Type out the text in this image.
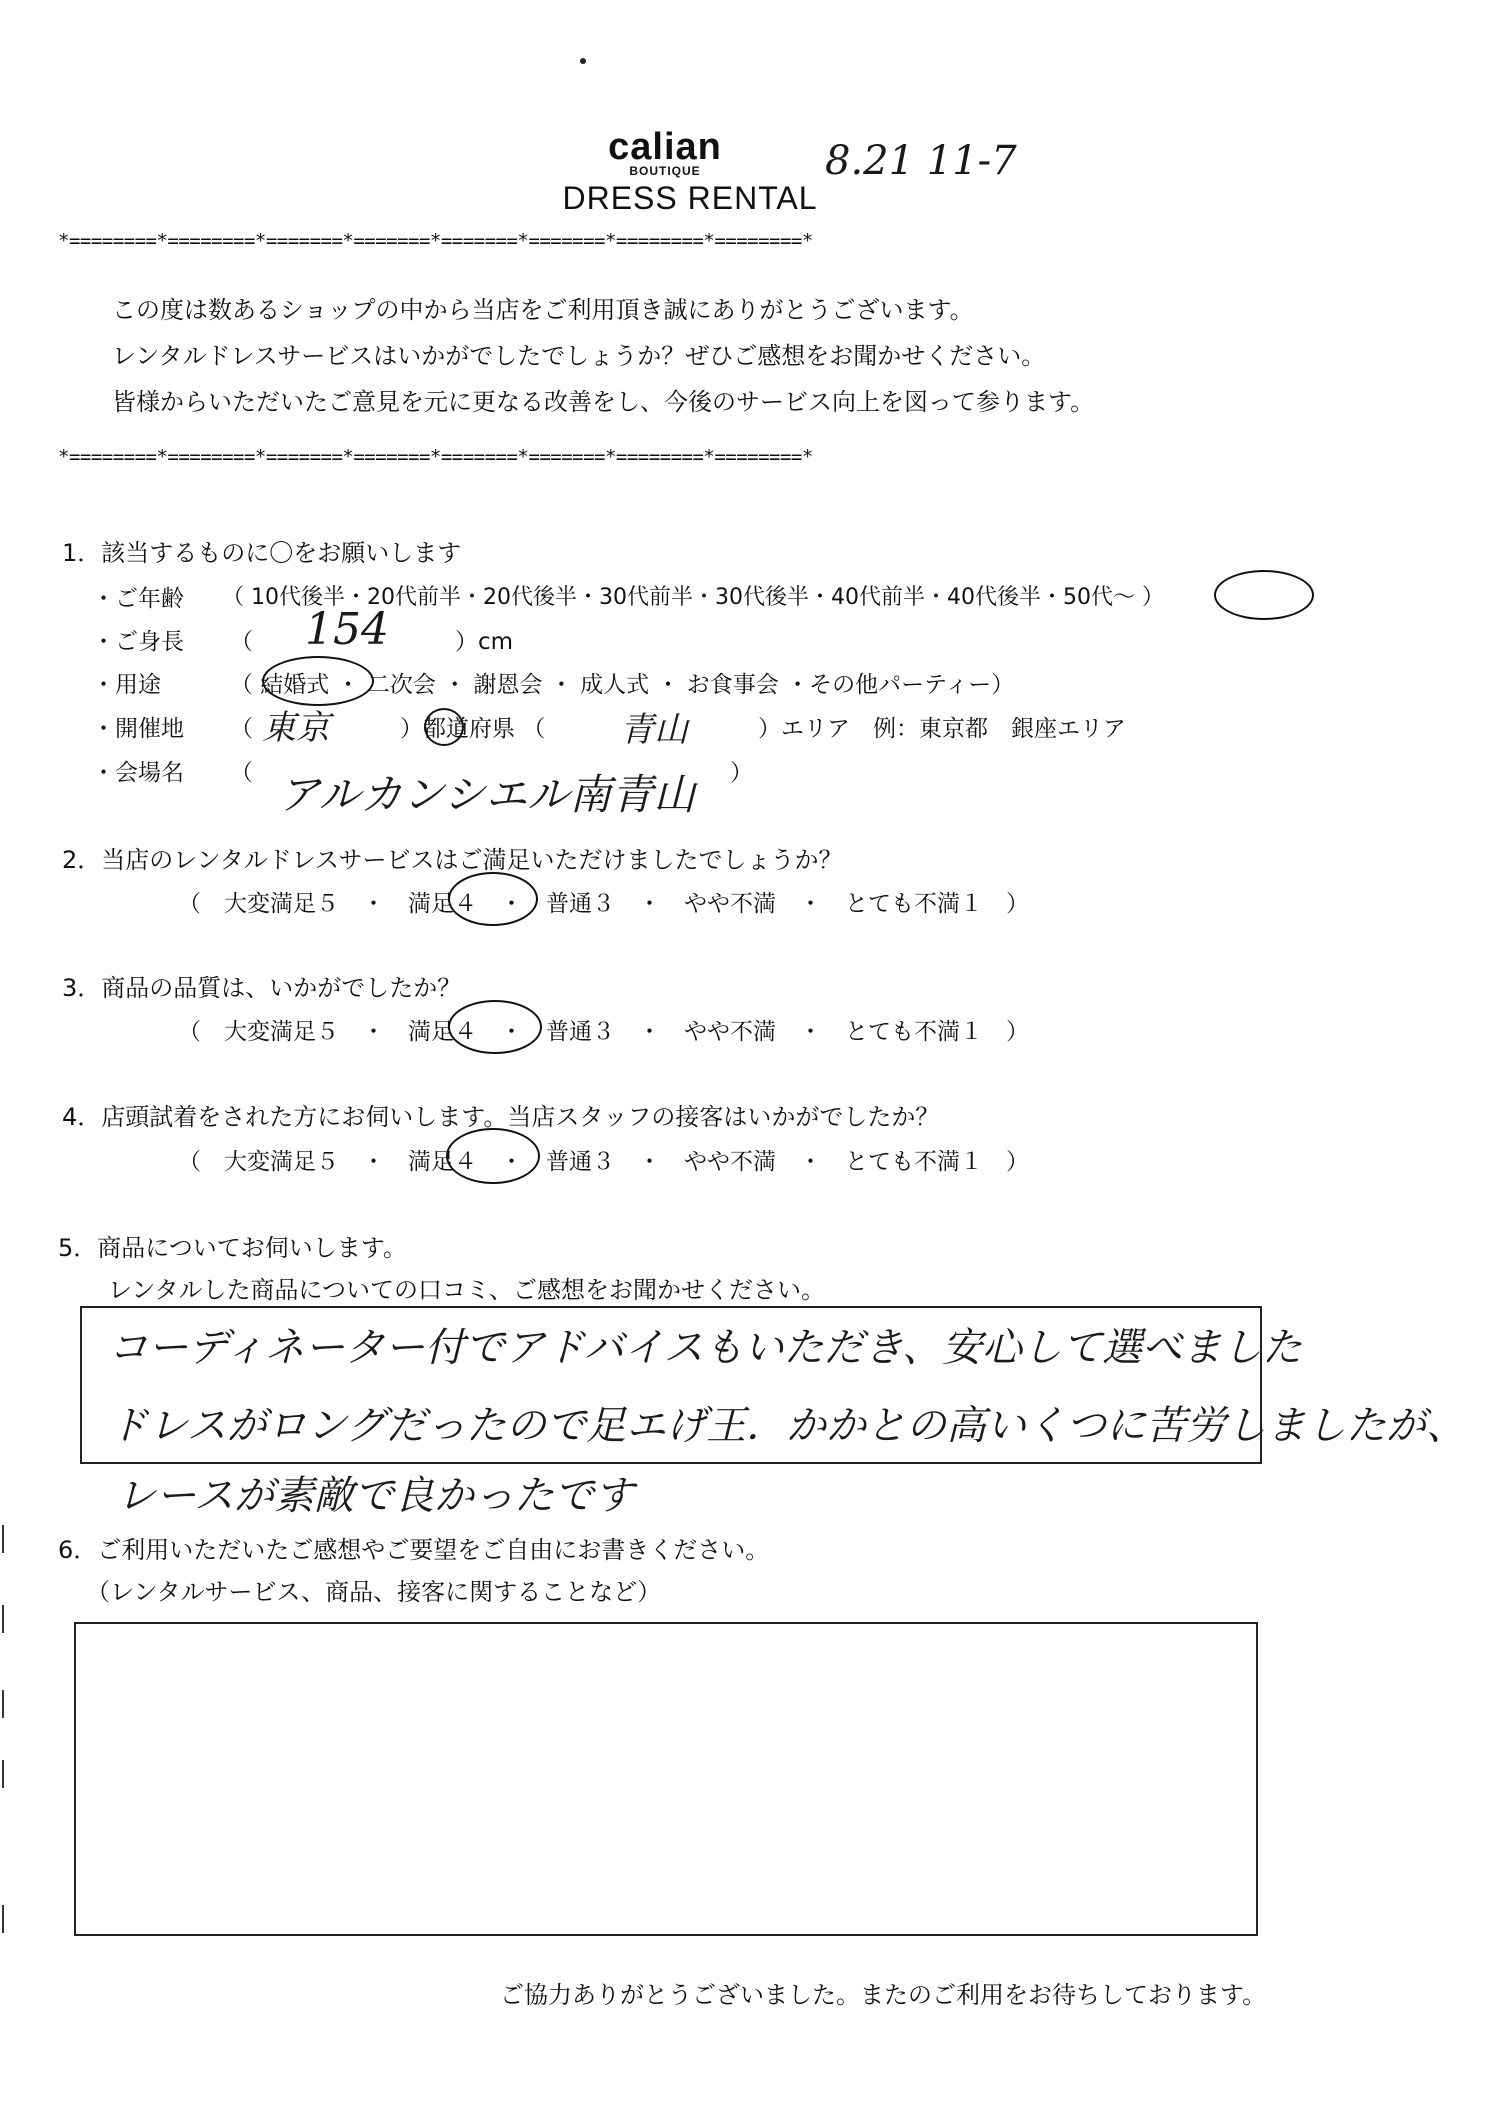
calian
BOUTIQUE
DRESS RENTAL
8.21 11-7
*========*========*=======*=======*=======*=======*========*========*
この度は数あるショップの中から当店をご利用頂き誠にありがとうございます。
レンタルドレスサービスはいかがでしたでしょうか？ぜひご感想をお聞かせください。
皆様からいただいたご意見を元に更なる改善をし、今後のサービス向上を図って参ります。
*========*========*=======*=======*=======*=======*========*========*
1．該当するものに〇をお願いします
・ご年齢 （ 10代後半・20代前半・20代後半・30代前半・30代後半・40代前半・40代後半・50代〜 ）
・ご身長 （ 154	）cm
・用途	（ 結婚式 ・ 二次会 ・ 謝恩会 ・ 成人式 ・ お食事会 ・その他パーティー）
・開催地 （ 東京	）都道府県 （ 青山	）エリア　例：東京都　銀座エリア
・会場名 （ アルカンシエル南青山 ）
2．当店のレンタルドレスサービスはご満足いただけましたでしょうか？
（　大変満足５　・　満足４　・　普通３　・　やや不満　・　とても不満１　）
3．商品の品質は、いかがでしたか？
（　大変満足５　・　満足４　・　普通３　・　やや不満　・　とても不満１　）
4．店頭試着をされた方にお伺いします。当店スタッフの接客はいかがでしたか？
（　大変満足５　・　満足４　・　普通３　・　やや不満　・　とても不満１　）
5．商品についてお伺いします。
レンタルした商品についての口コミ、ご感想をお聞かせください。
コーディネーター付でアドバイスもいただき、安心して選べました
ドレスがロングだったので足エげ王．かかとの高いくつに苦労しましたが、
レースが素敵で良かったです
6．ご利用いただいたご感想やご要望をご自由にお書きください。
（レンタルサービス、商品、接客に関することなど）
ご協力ありがとうございました。またのご利用をお待ちしております。
